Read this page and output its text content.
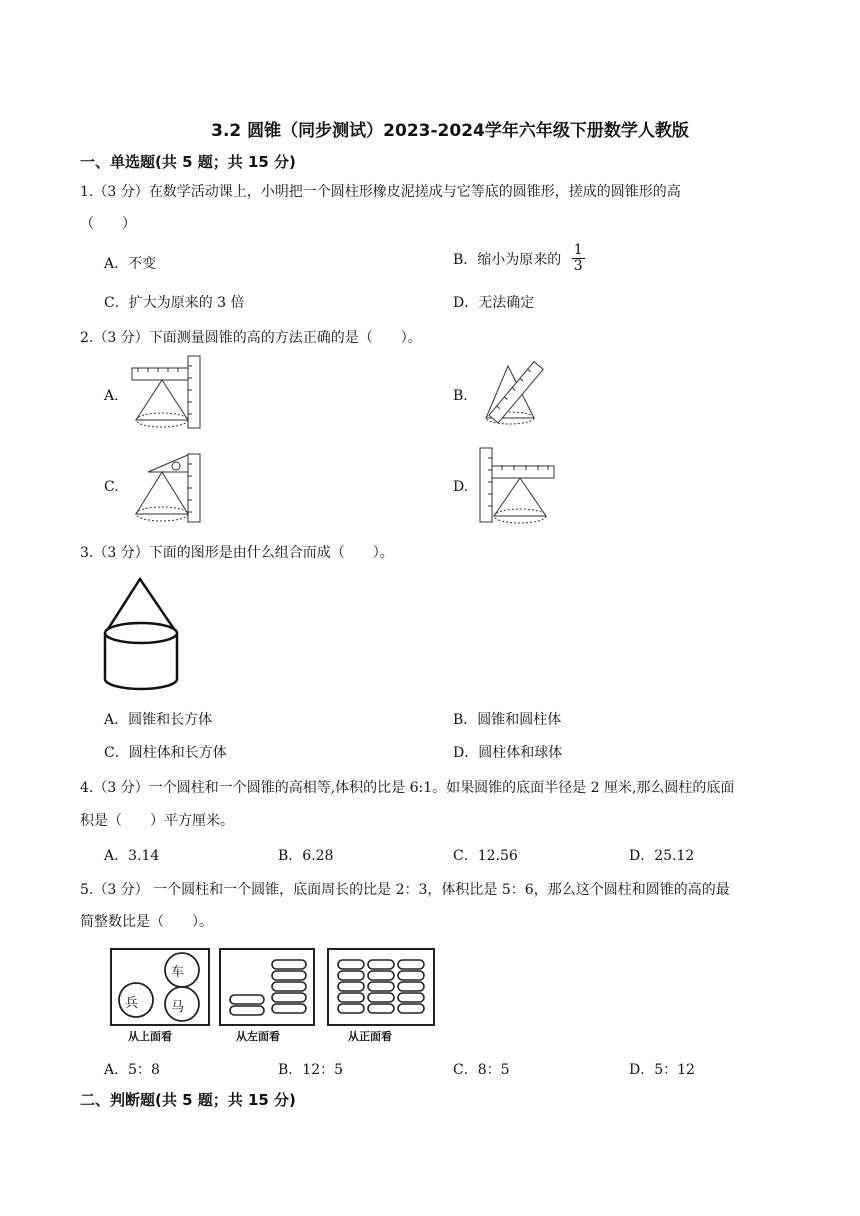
3.2 圆锥（同步测试）2023-2024学年六年级下册数学人教版
一、单选题(共 5 题；共 15 分)
1.（3 分）在数学活动课上，小明把一个圆柱形橡皮泥搓成与它等底的圆锥形，搓成的圆锥形的高
（　　）
A．不变	B．缩小为原来的 $\frac{1}{3}$
C．扩大为原来的 3 倍	D．无法确定
2.（3 分）下面测量圆锥的高的方法正确的是（　　）。
A.	B.
C.	D.
3.（3 分）下面的图形是由什么组合而成（　　）。
A．圆锥和长方体	B．圆锥和圆柱体
C．圆柱体和长方体	D．圆柱体和球体
4.（3 分）一个圆柱和一个圆锥的高相等,体积的比是 6:1。如果圆锥的底面半径是 2 厘米,那么圆柱的底面
积是（　　）平方厘米。
A．3.14	B．6.28	C．12.56	D．25.12
5.（3 分） 一个圆柱和一个圆锥，底面周长的比是 2：3，体积比是 5：6，那么这个圆柱和圆锥的高的最
简整数比是（　　）。
车
兵	马
从上面看	从左面看	从正面看
A．5：8	B．12：5	C．8：5	D．5：12
二、判断题(共 5 题；共 15 分)
